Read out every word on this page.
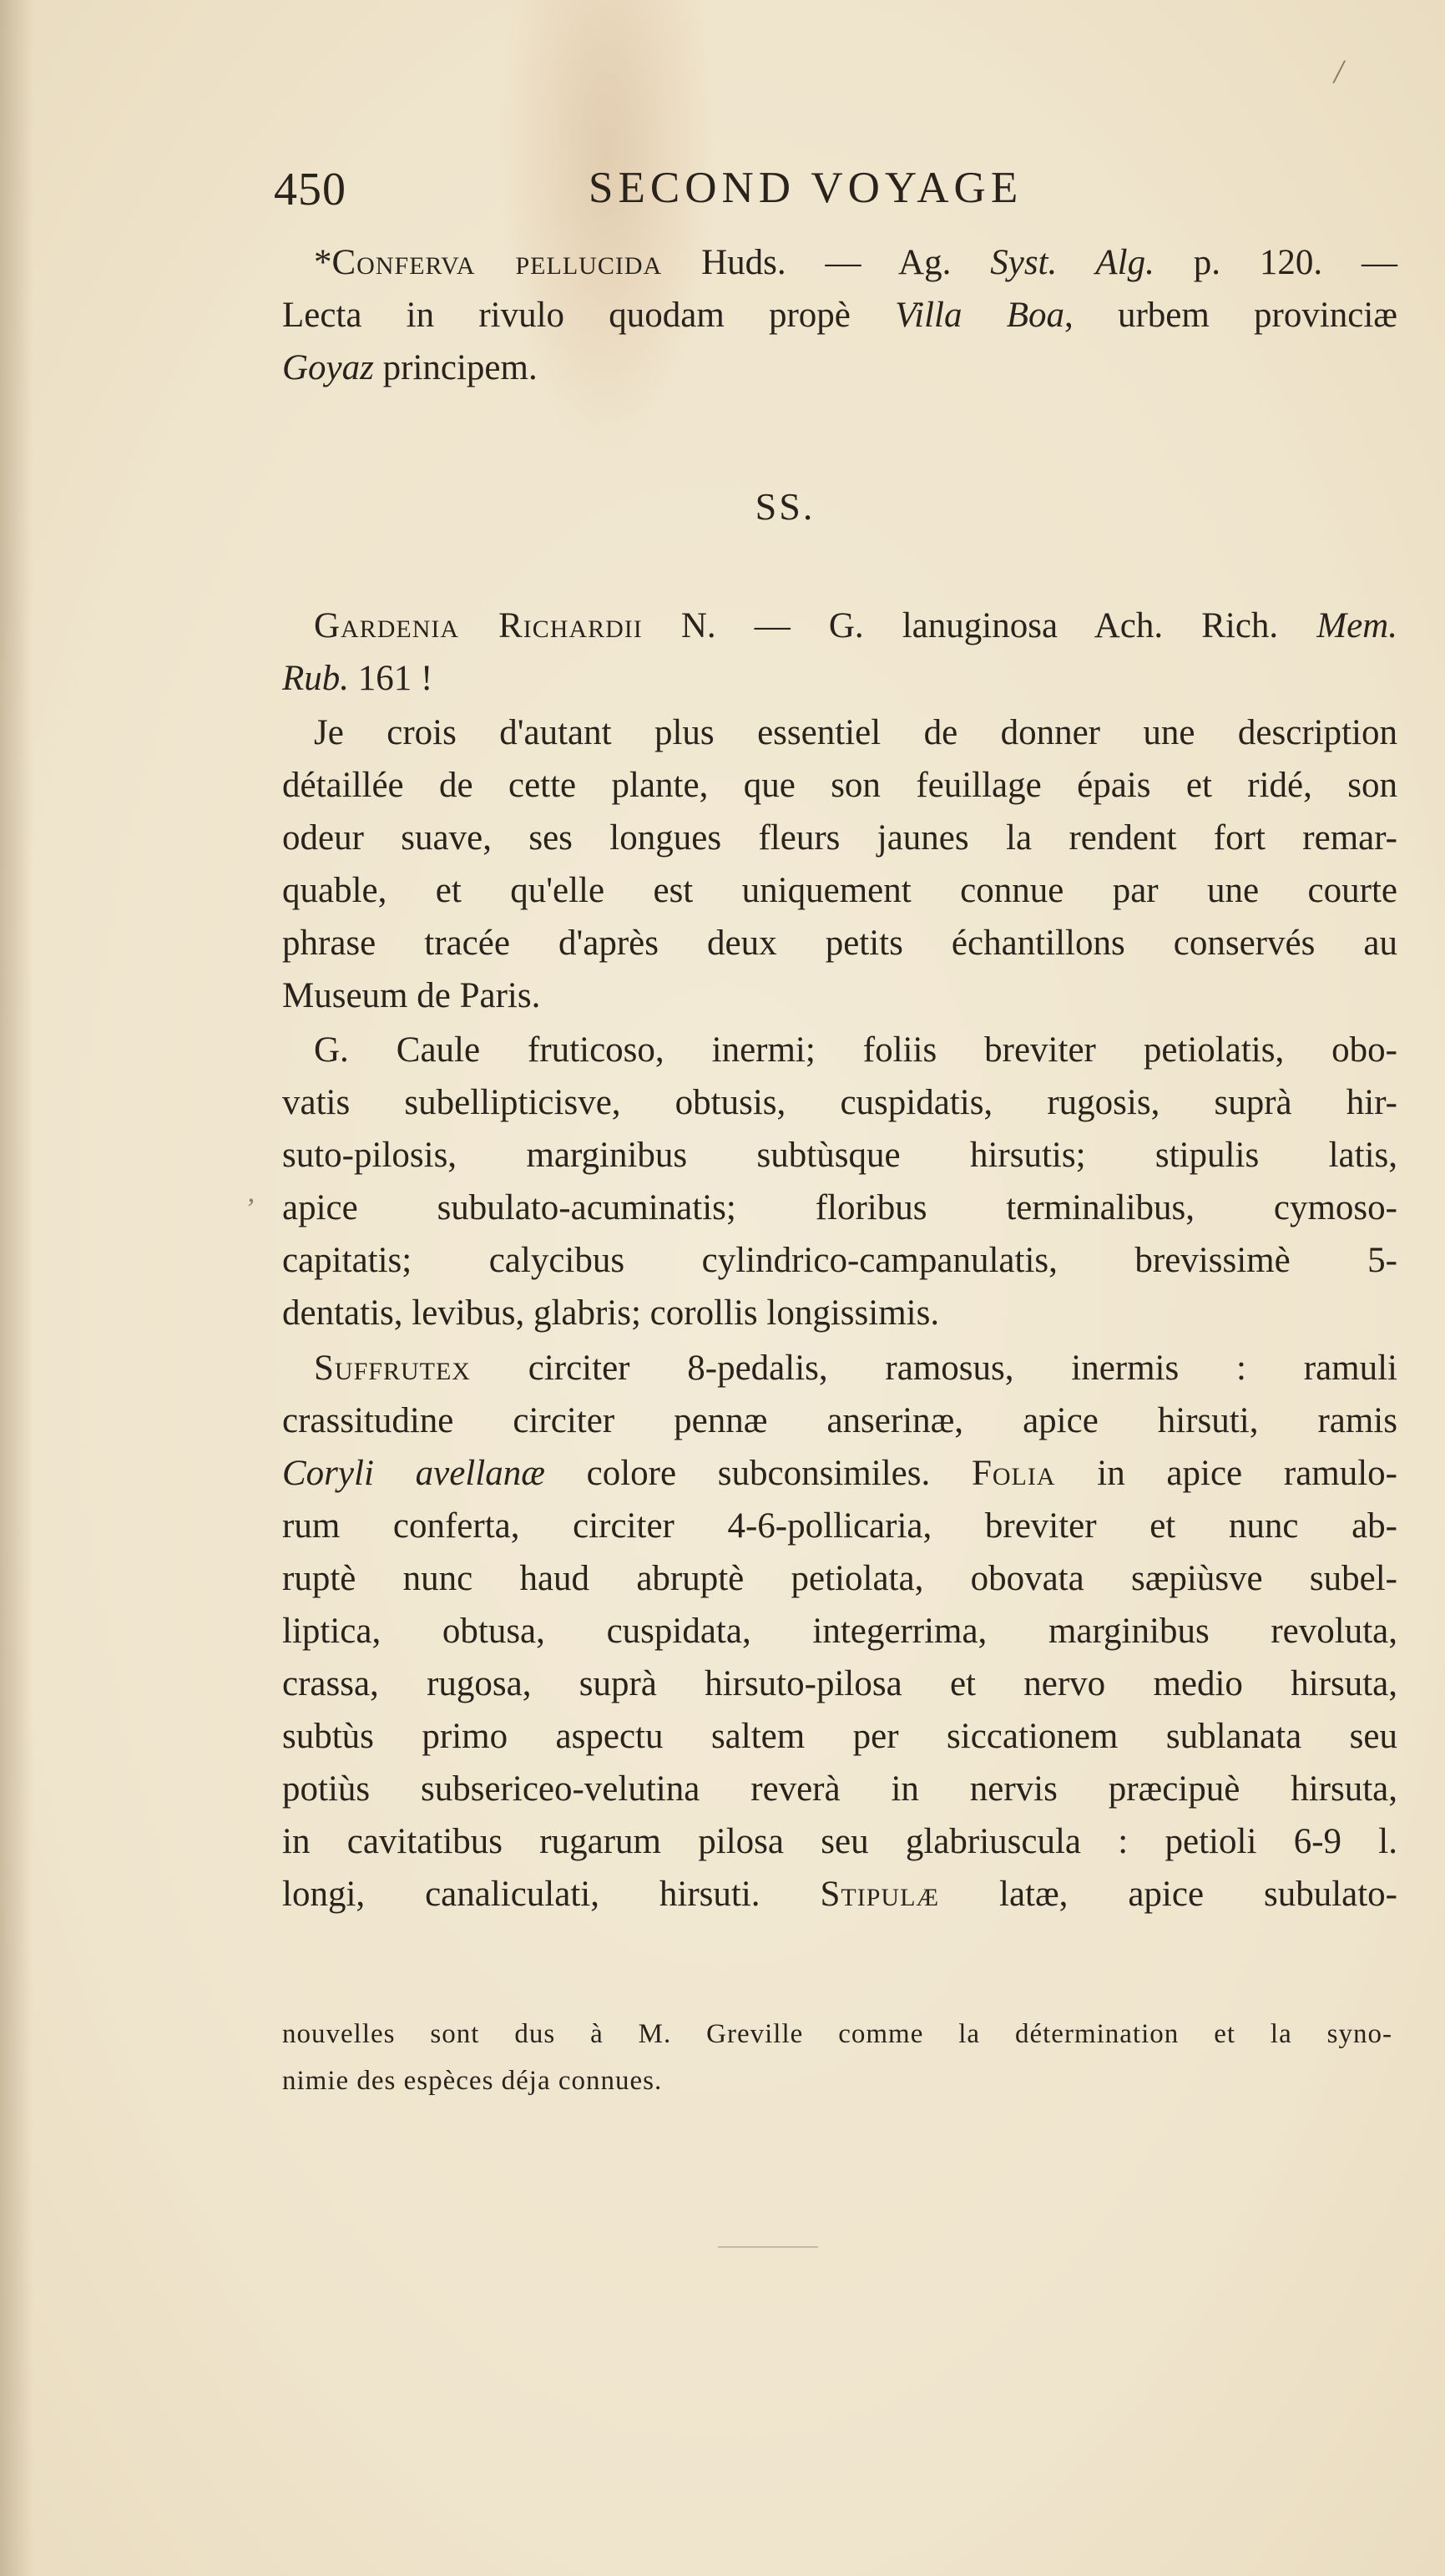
/
‚
450	SECOND VOYAGE
*Conferva pellucida Huds. — Ag. Syst. Alg. p. 120. —
Lecta in rivulo quodam propè Villa Boa, urbem provinciæ
Goyaz principem.
SS.
Gardenia Richardii N. — G. lanuginosa Ach. Rich. Mem.
Rub. 161 !
Je crois d'autant plus essentiel de donner une description
détaillée de cette plante, que son feuillage épais et ridé, son
odeur suave, ses longues fleurs jaunes la rendent fort remar-
quable, et qu'elle est uniquement connue par une courte
phrase tracée d'après deux petits échantillons conservés au
Museum de Paris.
G. Caule fruticoso, inermi; foliis breviter petiolatis, obo-
vatis subellipticisve, obtusis, cuspidatis, rugosis, suprà hir-
suto-pilosis, marginibus subtùsque hirsutis; stipulis latis,
apice subulato-acuminatis; floribus terminalibus, cymoso-
capitatis; calycibus cylindrico-campanulatis, brevissimè 5-
dentatis, levibus, glabris; corollis longissimis.
Suffrutex circiter 8-pedalis, ramosus, inermis : ramuli
crassitudine circiter pennæ anserinæ, apice hirsuti, ramis
Coryli avellanæ colore subconsimiles. Folia in apice ramulo-
rum conferta, circiter 4-6-pollicaria, breviter et nunc ab-
ruptè nunc haud abruptè petiolata, obovata sæpiùsve subel-
liptica, obtusa, cuspidata, integerrima, marginibus revoluta,
crassa, rugosa, suprà hirsuto-pilosa et nervo medio hirsuta,
subtùs primo aspectu saltem per siccationem sublanata seu
potiùs subsericeo-velutina reverà in nervis præcipuè hirsuta,
in cavitatibus rugarum pilosa seu glabriuscula : petioli 6-9 l.
longi, canaliculati, hirsuti. Stipulæ latæ, apice subulato-
nouvelles sont dus à M. Greville comme la détermination et la syno-
nimie des espèces déja connues.
